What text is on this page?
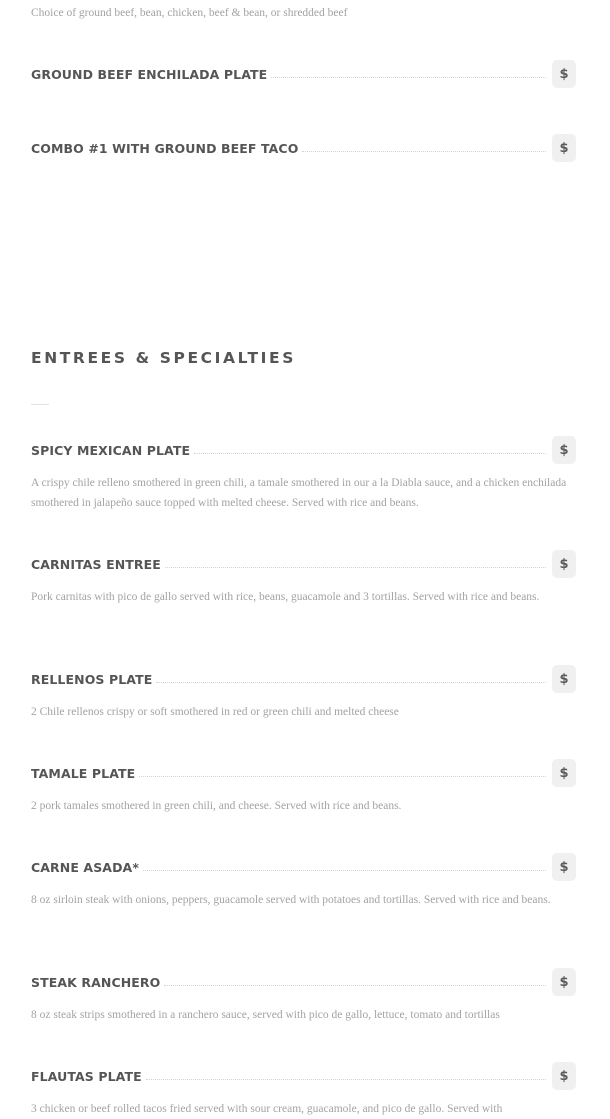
Choice of ground beef, bean, chicken, beef & bean, or shredded beef
GROUND BEEF ENCHILADA PLATE	$
COMBO #1 WITH GROUND BEEF TACO	$
ENTREES & SPECIALTIES
SPICY MEXICAN PLATE	$
A crispy chile relleno smothered in green chili, a tamale smothered in our a la Diabla sauce, and a chicken enchilada smothered in jalapeño sauce topped with melted cheese. Served with rice and beans.
CARNITAS ENTREE	$
Pork carnitas with pico de gallo served with rice, beans, guacamole and 3 tortillas. Served with rice and beans.
RELLENOS PLATE	$
2 Chile rellenos crispy or soft smothered in red or green chili and melted cheese
TAMALE PLATE	$
2 pork tamales smothered in green chili, and cheese. Served with rice and beans.
CARNE ASADA*	$
8 oz sirloin steak with onions, peppers, guacamole served with potatoes and tortillas. Served with rice and beans.
STEAK RANCHERO	$
8 oz steak strips smothered in a ranchero sauce, served with pico de gallo, lettuce, tomato and tortillas
FLAUTAS PLATE	$
3 chicken or beef rolled tacos fried served with sour cream, guacamole, and pico de gallo. Served with
